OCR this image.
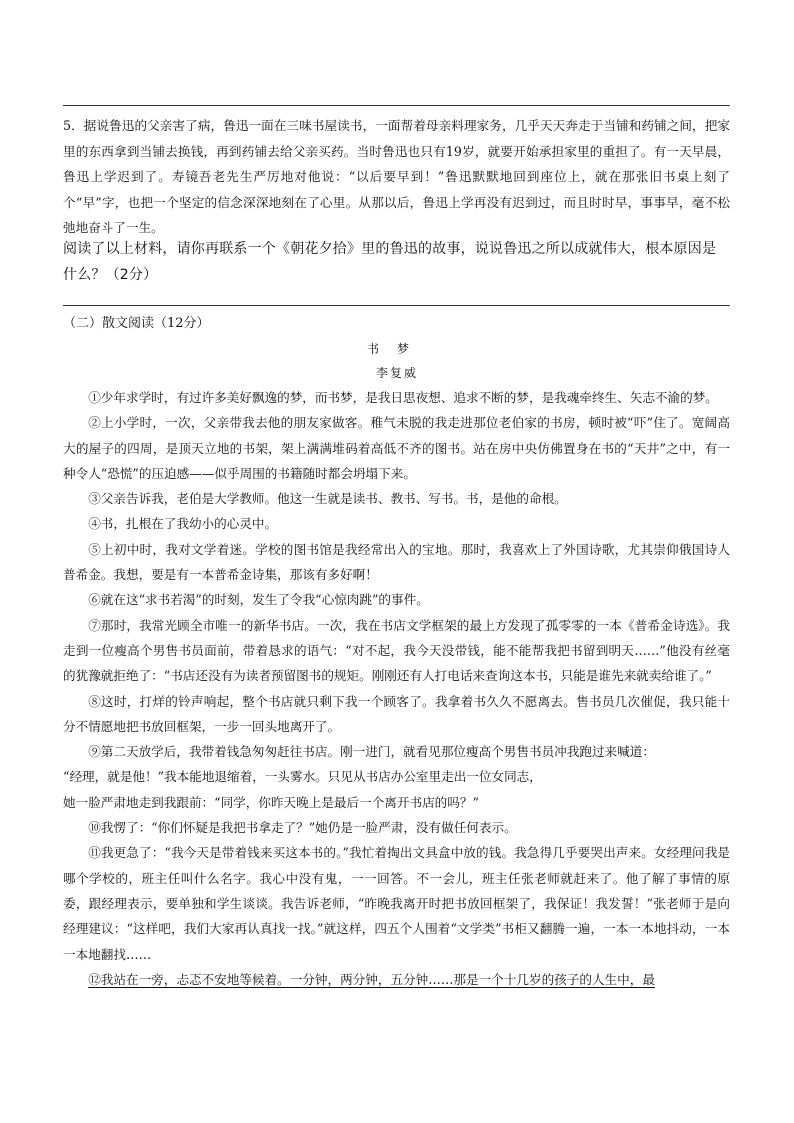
5．据说鲁迅的父亲害了病，鲁迅一面在三味书屋读书，一面帮着母亲料理家务，几乎天天奔走于当铺和药铺之间，把家里的东西拿到当铺去换钱，再到药铺去给父亲买药。当时鲁迅也只有19岁，就要开始承担家里的重担了。有一天早晨，鲁迅上学迟到了。寿镜吾老先生严厉地对他说：“以后要早到！”鲁迅默默地回到座位上，就在那张旧书桌上刻了个“早”字，也把一个坚定的信念深深地刻在了心里。从那以后，鲁迅上学再没有迟到过，而且时时早，事事早，毫不松弛地奋斗了一生。
阅读了以上材料，请你再联系一个《朝花夕拾》里的鲁迅的故事，说说鲁迅之所以成就伟大，根本原因是什么？（2分）
（二）散文阅读（12分）
书梦
李复威

①少年求学时，有过许多美好飘逸的梦，而书梦，是我日思夜想、追求不断的梦，是我魂牵终生、矢志不渝的梦。

②上小学时，一次，父亲带我去他的朋友家做客。稚气未脱的我走进那位老伯家的书房，顿时被“吓”住了。宽阔高大的屋子的四周，是顶天立地的书架，架上满满堆码着高低不齐的图书。站在房中央仿佛置身在书的“天井”之中，有一种令人“恐慌”的压迫感——似乎周围的书籍随时都会坍塌下来。

③父亲告诉我，老伯是大学教师。他这一生就是读书、教书、写书。书，是他的命根。

④书，扎根在了我幼小的心灵中。

⑤上初中时，我对文学着迷。学校的图书馆是我经常出入的宝地。那时，我喜欢上了外国诗歌，尤其崇仰俄国诗人普希金。我想，要是有一本普希金诗集，那该有多好啊！

⑥就在这“求书若渴”的时刻，发生了令我“心惊肉跳”的事件。

⑦那时，我常光顾全市唯一的新华书店。一次，我在书店文学框架的最上方发现了孤零零的一本《普希金诗选》。我走到一位瘦高个男售书员面前，带着恳求的语气：“对不起，我今天没带钱，能不能帮我把书留到明天……”他没有丝毫的犹豫就拒绝了：“书店还没有为读者预留图书的规矩。刚刚还有人打电话来查询这本书，只能是谁先来就卖给谁了。”

⑧这时，打烊的铃声响起，整个书店就只剩下我一个顾客了。我拿着书久久不愿离去。售书员几次催促，我只能十分不情愿地把书放回框架，一步一回头地离开了。

⑨第二天放学后，我带着钱急匆匆赶往书店。刚一进门，就看见那位瘦高个男售书员冲我跑过来喊道：

“经理，就是他！”我本能地退缩着，一头雾水。只见从书店办公室里走出一位女同志，

她一脸严肃地走到我跟前：“同学，你昨天晚上是最后一个离开书店的吗？”

⑩我愣了：“你们怀疑是我把书拿走了？”她仍是一脸严肃，没有做任何表示。

⑪我更急了：“我今天是带着钱来买这本书的。”我忙着掏出文具盒中放的钱。我急得几乎要哭出声来。女经理问我是哪个学校的，班主任叫什么名字。我心中没有鬼，一一回答。不一会儿，班主任张老师就赶来了。他了解了事情的原委，跟经理表示，要单独和学生谈谈。我告诉老师，“昨晚我离开时把书放回框架了，我保证！我发誓！”张老师于是向经理建议：“这样吧，我们大家再认真找一找。”就这样，四五个人围着“文学类”书柜又翻腾一遍，一本一本地抖动，一本一本地翻找……

⑫我站在一旁，忐忑不安地等候着。一分钟，两分钟，五分钟……那是一个十几岁的孩子的人生中，最
